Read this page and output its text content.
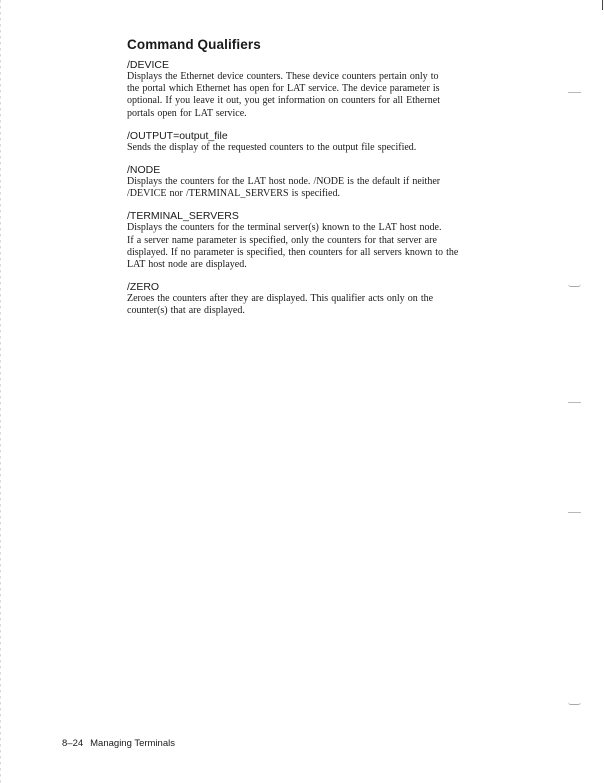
Command Qualifiers

/DEVICE

Displays the Ethernet device counters. These device counters pertain only to
the portal which Ethernet has open for LAT service. The device parameter is
optional. If you leave it out, you get information on counters for all Ethernet
portals open for LAT service.

/OUTPUT=output_file

Sends the display of the requested counters to the output file specified.

/NODE

Displays the counters for the LAT host node. /NODE is the default if neither
/DEVICE nor /TERMINAL_SERVERS is specified.

/TERMINAL_SERVERS

Displays the counters for the terminal server(s) known to the LAT host node.
If a server name parameter is specified, only the counters for that server are
displayed. If no parameter is specified, then counters for all servers known to the
LAT host node are displayed.

/ZERO

Zeroes the counters after they are displayed. This qualifier acts only on the
counter(s) that are displayed.

8–24 Managing Terminals
